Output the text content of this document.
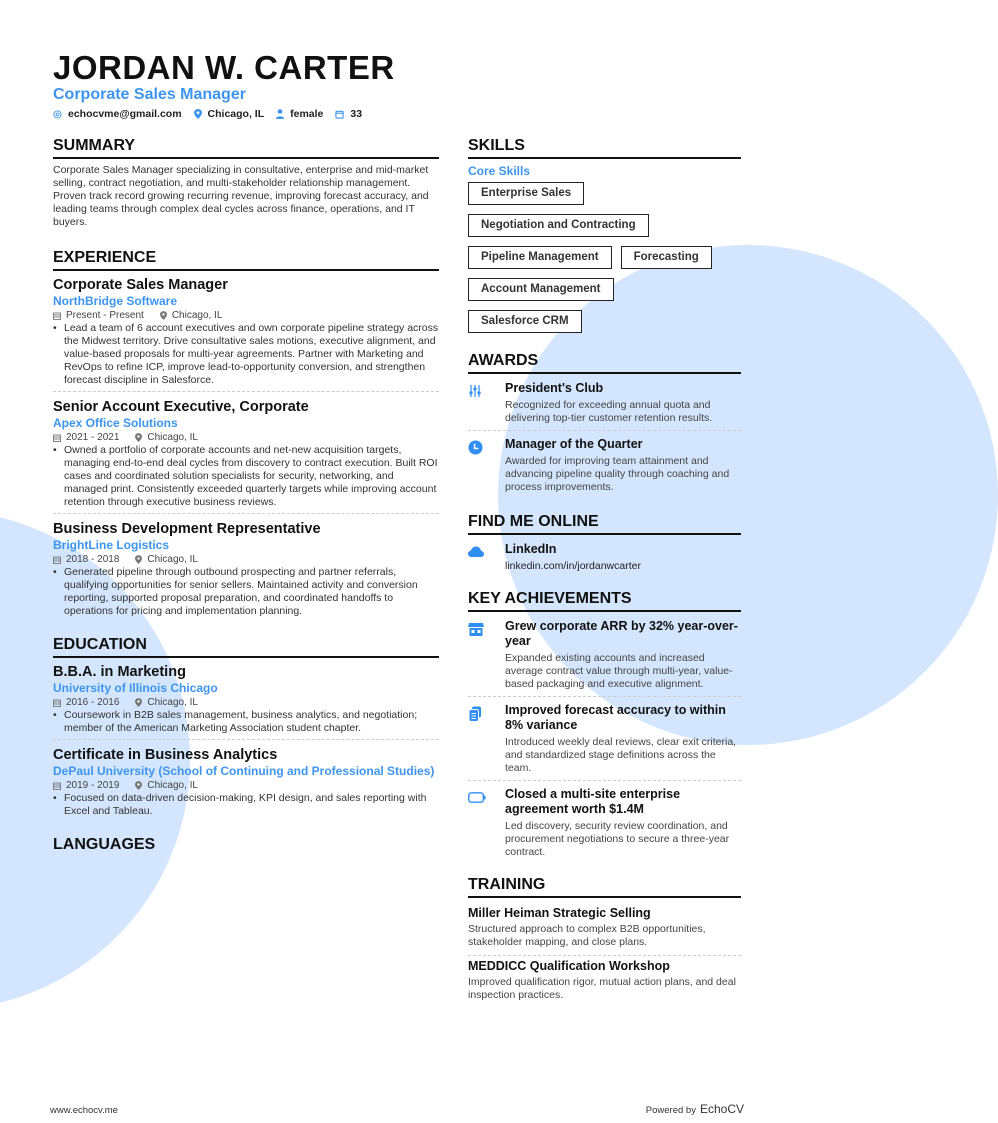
JORDAN W. CARTER
Corporate Sales Manager
echocvme@gmail.com Chicago, IL female	33
SUMMARY
Corporate Sales Manager specializing in consultative, enterprise and mid-market selling, contract negotiation, and multi-stakeholder relationship management. Proven track record growing recurring revenue, improving forecast accuracy, and leading teams through complex deal cycles across finance, operations, and IT buyers.
EXPERIENCE
Corporate Sales Manager
NorthBridge Software
Present - Present	Chicago, IL
• Lead a team of 6 account executives and own corporate pipeline strategy across the Midwest territory. Drive consultative sales motions, executive alignment, and value-based proposals for multi-year agreements. Partner with Marketing and RevOps to refine ICP, improve lead-to-opportunity conversion, and strengthen forecast discipline in Salesforce.
Senior Account Executive, Corporate
Apex Office Solutions
2021 - 2021	Chicago, IL
• Owned a portfolio of corporate accounts and net-new acquisition targets, managing end-to-end deal cycles from discovery to contract execution. Built ROI cases and coordinated solution specialists for security, networking, and managed print. Consistently exceeded quarterly targets while improving account retention through executive business reviews.
Business Development Representative
BrightLine Logistics
2018 - 2018	Chicago, IL
• Generated pipeline through outbound prospecting and partner referrals, qualifying opportunities for senior sellers. Maintained activity and conversion reporting, supported proposal preparation, and coordinated handoffs to operations for pricing and implementation planning.
EDUCATION
B.B.A. in Marketing
University of Illinois Chicago
2016 - 2016	Chicago, IL
• Coursework in B2B sales management, business analytics, and negotiation; member of the American Marketing Association student chapter.
Certificate in Business Analytics
DePaul University (School of Continuing and Professional Studies)
2019 - 2019	Chicago, IL
• Focused on data-driven decision-making, KPI design, and sales reporting with Excel and Tableau.
LANGUAGES
SKILLS
Core Skills
Enterprise Sales
Negotiation and Contracting
Pipeline Management	Forecasting
Account Management
Salesforce CRM
AWARDS
President's Club
Recognized for exceeding annual quota and delivering top-tier customer retention results.
Manager of the Quarter
Awarded for improving team attainment and advancing pipeline quality through coaching and process improvements.
FIND ME ONLINE
LinkedIn
linkedin.com/in/jordanwcarter
KEY ACHIEVEMENTS
Grew corporate ARR by 32% year-over-year
Expanded existing accounts and increased average contract value through multi-year, value-based packaging and executive alignment.
Improved forecast accuracy to within 8% variance
Introduced weekly deal reviews, clear exit criteria, and standardized stage definitions across the team.
Closed a multi-site enterprise agreement worth $1.4M
Led discovery, security review coordination, and procurement negotiations to secure a three-year contract.
TRAINING
Miller Heiman Strategic Selling
Structured approach to complex B2B opportunities, stakeholder mapping, and close plans.
MEDDICC Qualification Workshop
Improved qualification rigor, mutual action plans, and deal inspection practices.
www.echocv.me	Powered by EchoCV
